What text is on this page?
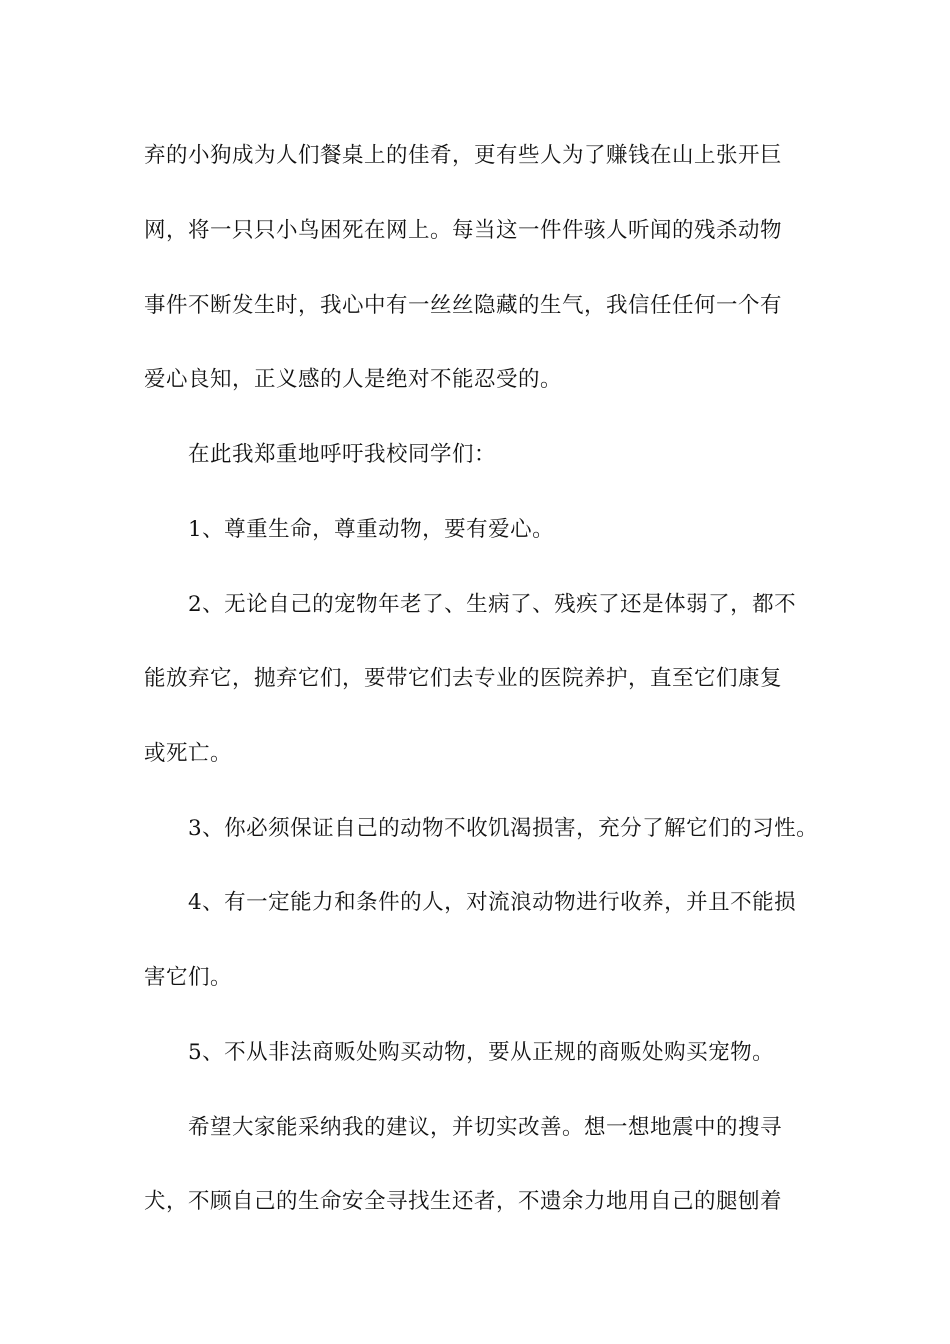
弃的小狗成为人们餐桌上的佳肴，更有些人为了赚钱在山上张开巨
网，将一只只小鸟困死在网上。每当这一件件骇人听闻的残杀动物
事件不断发生时，我心中有一丝丝隐藏的生气，我信任任何一个有
爱心良知，正义感的人是绝对不能忍受的。
在此我郑重地呼吁我校同学们：
1、尊重生命，尊重动物，要有爱心。
2、无论自己的宠物年老了、生病了、残疾了还是体弱了，都不
能放弃它，抛弃它们，要带它们去专业的医院养护，直至它们康复
或死亡。
3、你必须保证自己的动物不收饥渴损害，充分了解它们的习性。
4、有一定能力和条件的人，对流浪动物进行收养，并且不能损
害它们。
5、不从非法商贩处购买动物，要从正规的商贩处购买宠物。
希望大家能采纳我的建议，并切实改善。想一想地震中的搜寻
犬，不顾自己的生命安全寻找生还者，不遗余力地用自己的腿刨着
